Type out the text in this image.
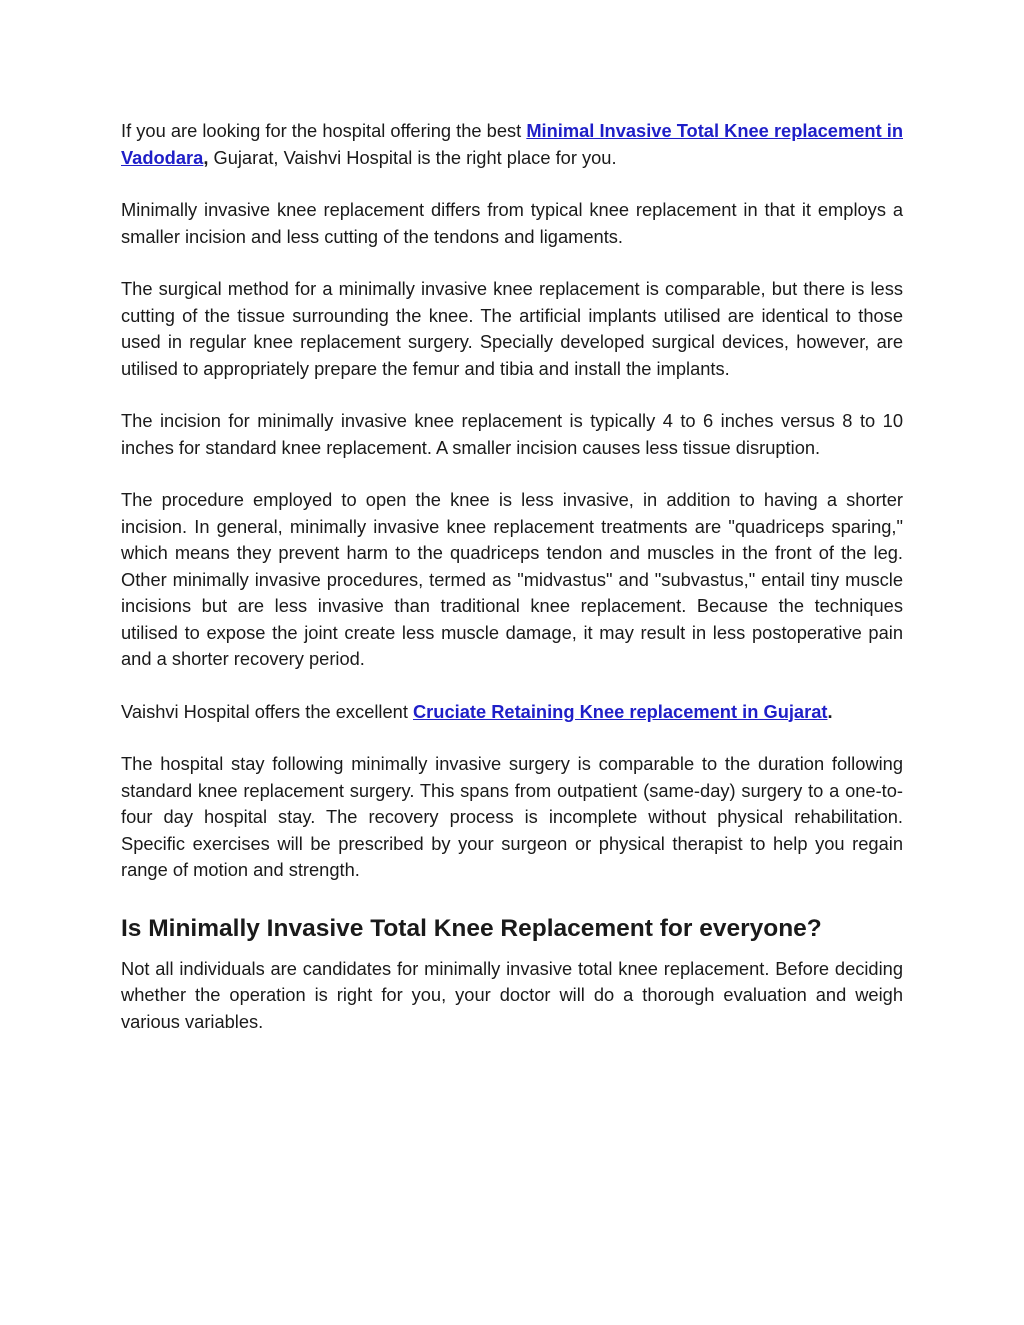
If you are looking for the hospital offering the best Minimal Invasive Total Knee replacement in Vadodara, Gujarat, Vaishvi Hospital is the right place for you.

Minimally invasive knee replacement differs from typical knee replacement in that it employs a smaller incision and less cutting of the tendons and ligaments.

The surgical method for a minimally invasive knee replacement is comparable, but there is less cutting of the tissue surrounding the knee. The artificial implants utilised are identical to those used in regular knee replacement surgery. Specially developed surgical devices, however, are utilised to appropriately prepare the femur and tibia and install the implants.

The incision for minimally invasive knee replacement is typically 4 to 6 inches versus 8 to 10 inches for standard knee replacement. A smaller incision causes less tissue disruption.

The procedure employed to open the knee is less invasive, in addition to having a shorter incision. In general, minimally invasive knee replacement treatments are "quadriceps sparing," which means they prevent harm to the quadriceps tendon and muscles in the front of the leg. Other minimally invasive procedures, termed as "midvastus" and "subvastus," entail tiny muscle incisions but are less invasive than traditional knee replacement. Because the techniques utilised to expose the joint create less muscle damage, it may result in less postoperative pain and a shorter recovery period.

Vaishvi Hospital offers the excellent Cruciate Retaining Knee replacement in Gujarat.

The hospital stay following minimally invasive surgery is comparable to the duration following standard knee replacement surgery. This spans from outpatient (same-day) surgery to a one-to-four day hospital stay. The recovery process is incomplete without physical rehabilitation. Specific exercises will be prescribed by your surgeon or physical therapist to help you regain range of motion and strength.

Is Minimally Invasive Total Knee Replacement for everyone?

Not all individuals are candidates for minimally invasive total knee replacement. Before deciding whether the operation is right for you, your doctor will do a thorough evaluation and weigh various variables.
